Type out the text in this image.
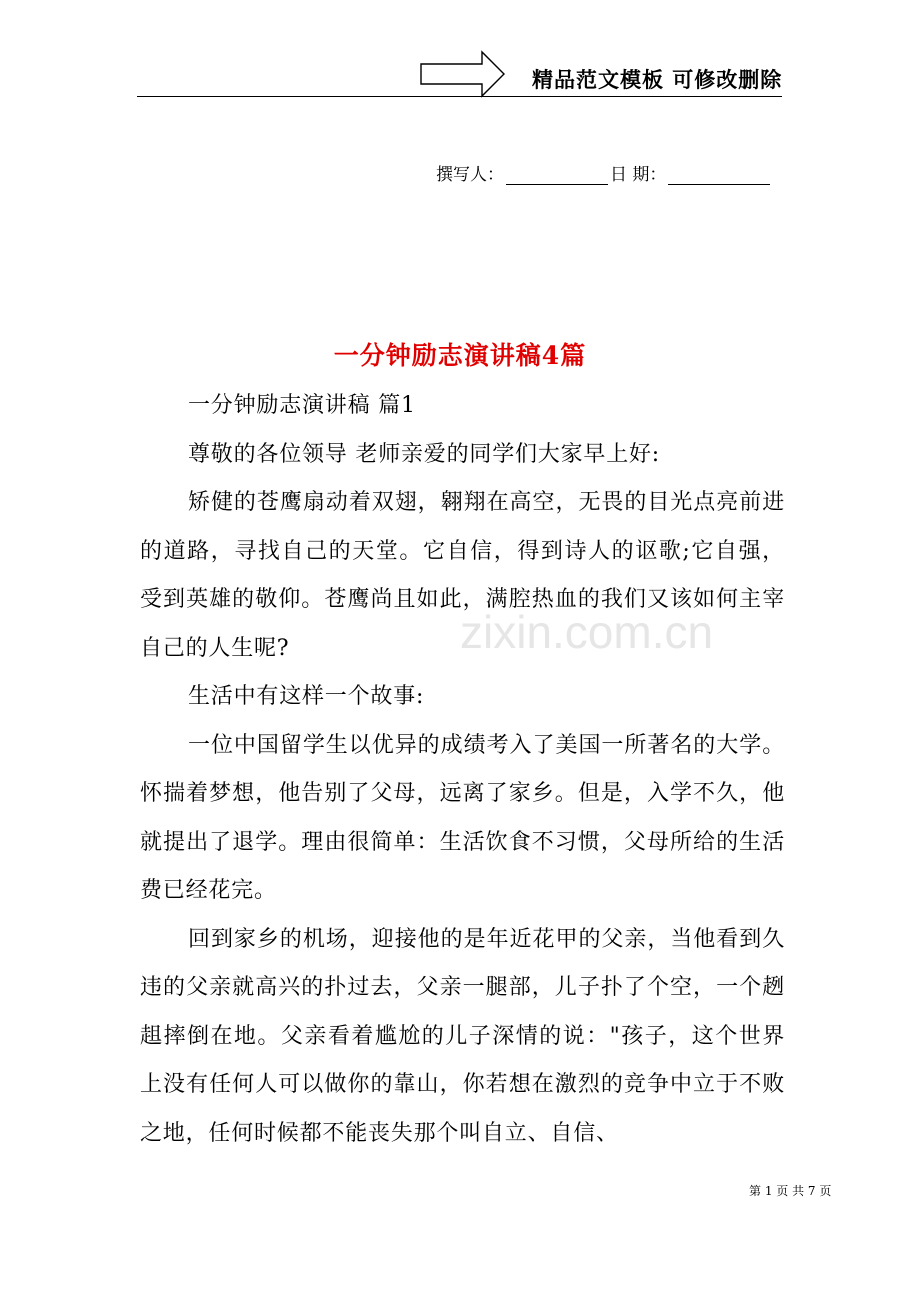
精品范文模板 可修改删除
撰写人：	日 期：
一分钟励志演讲稿4篇
zixin.com.cn

一分钟励志演讲稿 篇1

尊敬的各位领导 老师亲爱的同学们大家早上好:

矫健的苍鹰扇动着双翅，翱翔在高空，无畏的目光点亮前进的道路，寻找自己的天堂。它自信，得到诗人的讴歌;它自强，受到英雄的敬仰。苍鹰尚且如此，满腔热血的我们又该如何主宰自己的人生呢?

生活中有这样一个故事:

一位中国留学生以优异的成绩考入了美国一所著名的大学。怀揣着梦想，他告别了父母，远离了家乡。但是，入学不久，他就提出了退学。理由很简单：生活饮食不习惯，父母所给的生活费已经花完。

回到家乡的机场，迎接他的是年近花甲的父亲，当他看到久违的父亲就高兴的扑过去，父亲一腿部，儿子扑了个空，一个趔趄摔倒在地。父亲看着尴尬的儿子深情的说："孩子，这个世界上没有任何人可以做你的靠山，你若想在激烈的竞争中立于不败之地，任何时候都不能丧失那个叫自立、自信、

第 1 页 共 7 页
